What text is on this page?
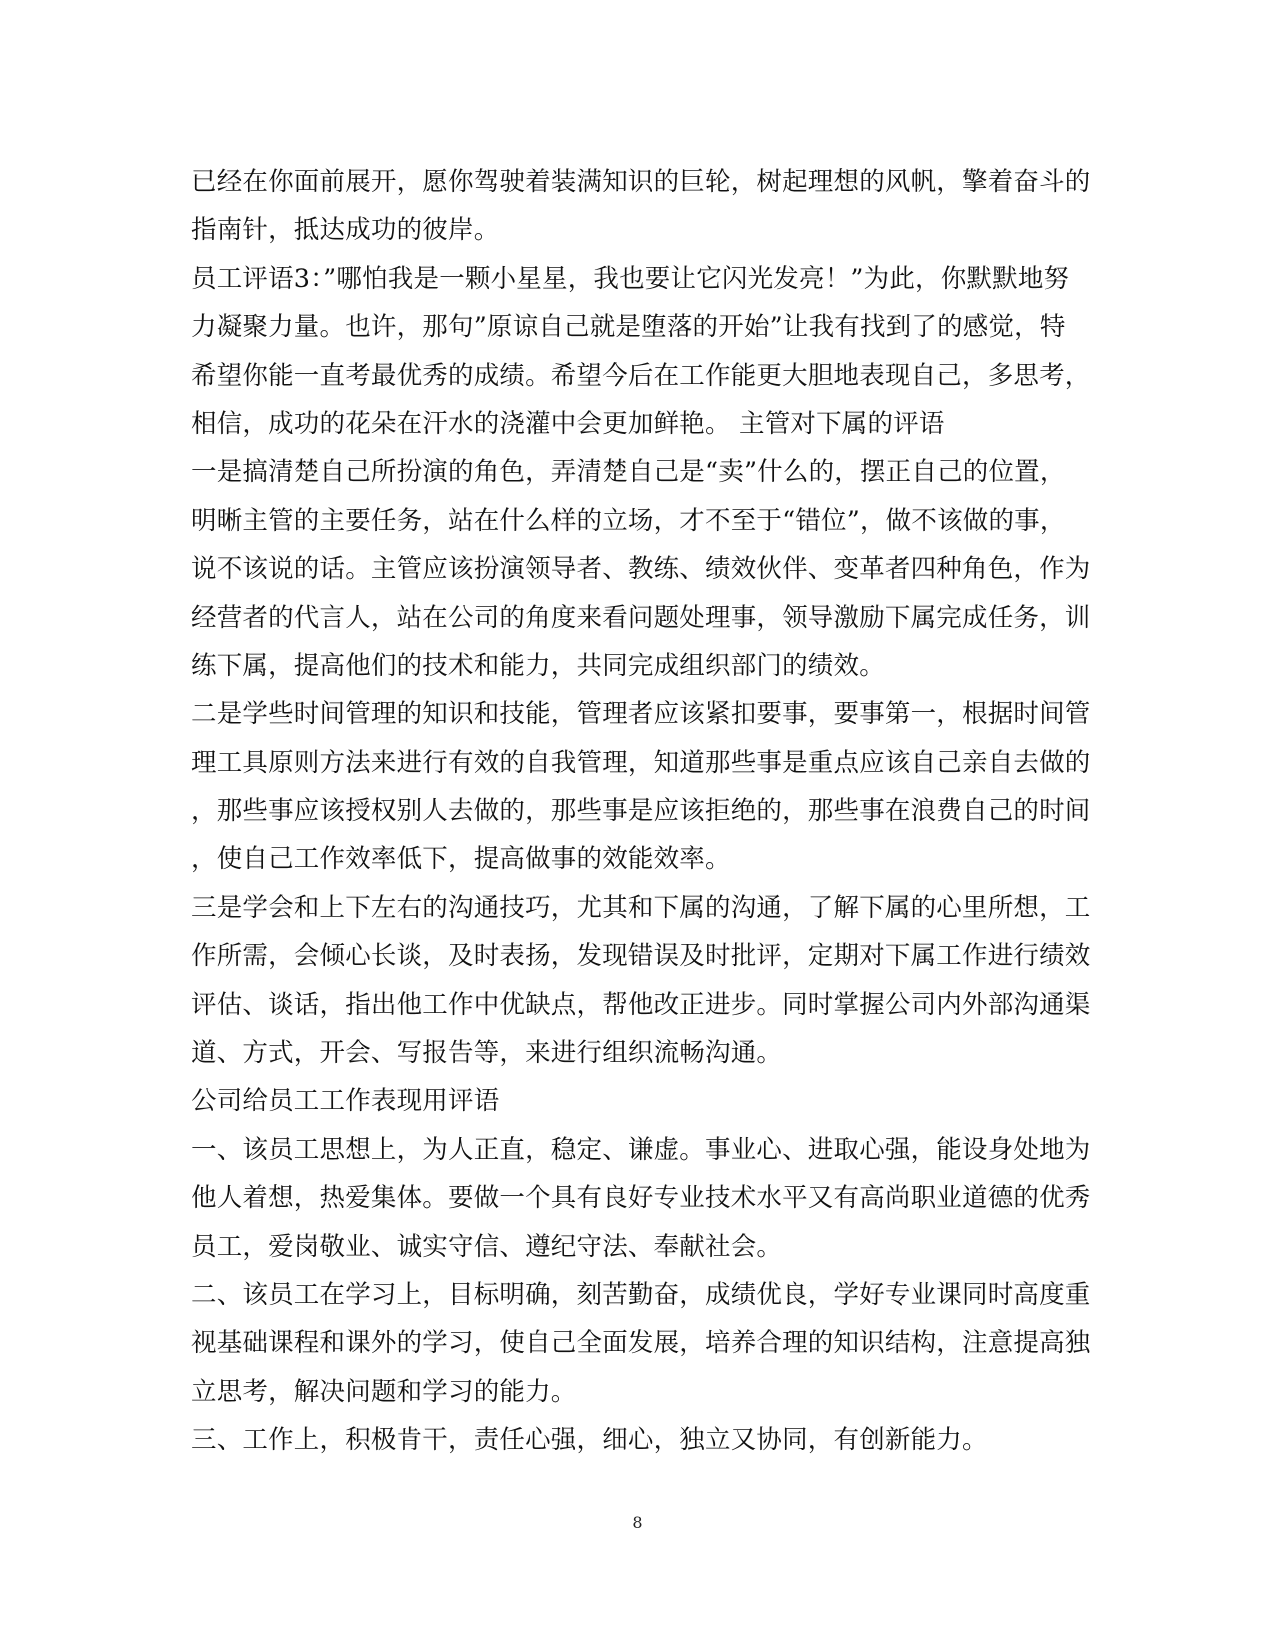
已经在你面前展开，愿你驾驶着装满知识的巨轮，树起理想的风帆，擎着奋斗的
指南针，抵达成功的彼岸。
员工评语3：”哪怕我是一颗小星星，我也要让它闪光发亮！”为此，你默默地努
力凝聚力量。也许，那句”原谅自己就是堕落的开始”让我有找到了的感觉，特
希望你能一直考最优秀的成绩。希望今后在工作能更大胆地表现自己，多思考，
相信，成功的花朵在汗水的浇灌中会更加鲜艳。 主管对下属的评语
一是搞清楚自己所扮演的角色，弄清楚自己是“卖”什么的，摆正自己的位置，
明晰主管的主要任务，站在什么样的立场，才不至于“错位”，做不该做的事，
说不该说的话。主管应该扮演领导者、教练、绩效伙伴、变革者四种角色，作为
经营者的代言人，站在公司的角度来看问题处理事，领导激励下属完成任务，训
练下属，提高他们的技术和能力，共同完成组织部门的绩效。
二是学些时间管理的知识和技能，管理者应该紧扣要事，要事第一，根据时间管
理工具原则方法来进行有效的自我管理，知道那些事是重点应该自己亲自去做的
，那些事应该授权别人去做的，那些事是应该拒绝的，那些事在浪费自己的时间
，使自己工作效率低下，提高做事的效能效率。
三是学会和上下左右的沟通技巧，尤其和下属的沟通，了解下属的心里所想，工
作所需，会倾心长谈，及时表扬，发现错误及时批评，定期对下属工作进行绩效
评估、谈话，指出他工作中优缺点，帮他改正进步。同时掌握公司内外部沟通渠
道、方式，开会、写报告等，来进行组织流畅沟通。
公司给员工工作表现用评语
一、该员工思想上，为人正直，稳定、谦虚。事业心、进取心强，能设身处地为
他人着想，热爱集体。要做一个具有良好专业技术水平又有高尚职业道德的优秀
员工，爱岗敬业、诚实守信、遵纪守法、奉献社会。
二、该员工在学习上，目标明确，刻苦勤奋，成绩优良，学好专业课同时高度重
视基础课程和课外的学习，使自己全面发展，培养合理的知识结构，注意提高独
立思考，解决问题和学习的能力。
三、工作上，积极肯干，责任心强，细心，独立又协同，有创新能力。
8
